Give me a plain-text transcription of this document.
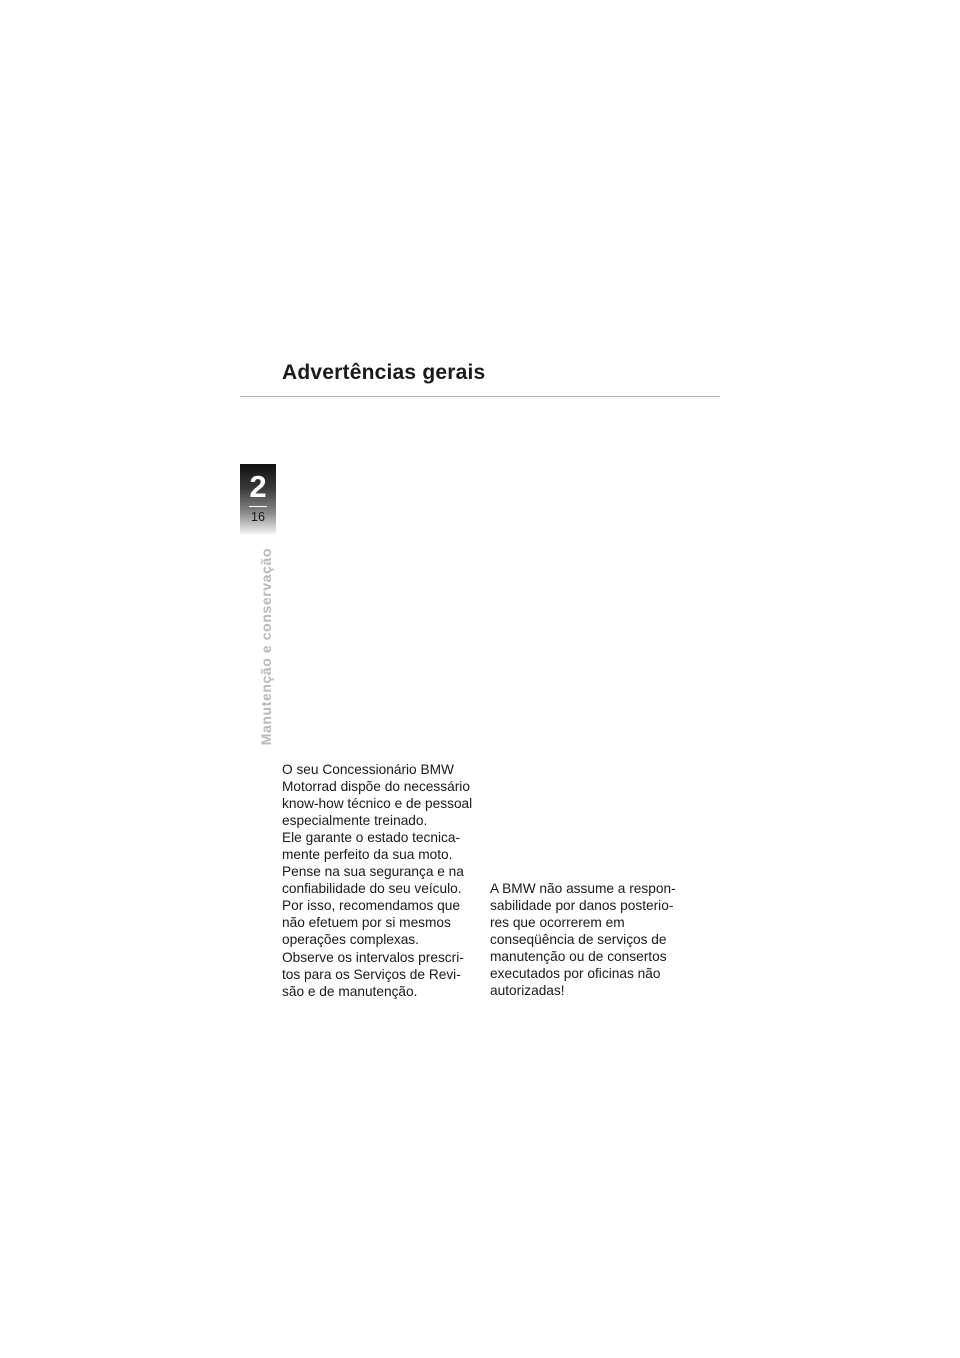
Advertências gerais
2
16
Manutenção e conservação
O seu Concessionário BMW
Motorrad dispõe do necessário
know-how técnico e de pessoal
especialmente treinado.
Ele garante o estado tecnica-
mente perfeito da sua moto.
Pense na sua segurança e na
confiabilidade do seu veículo.
Por isso, recomendamos que
não efetuem por si mesmos
operações complexas.
Observe os intervalos prescri-
tos para os Serviços de Revi-
são e de manutenção.
A BMW não assume a respon-
sabilidade por danos posterio-
res que ocorrerem em
conseqüência de serviços de
manutenção ou de consertos
executados por oficinas não
autorizadas!
